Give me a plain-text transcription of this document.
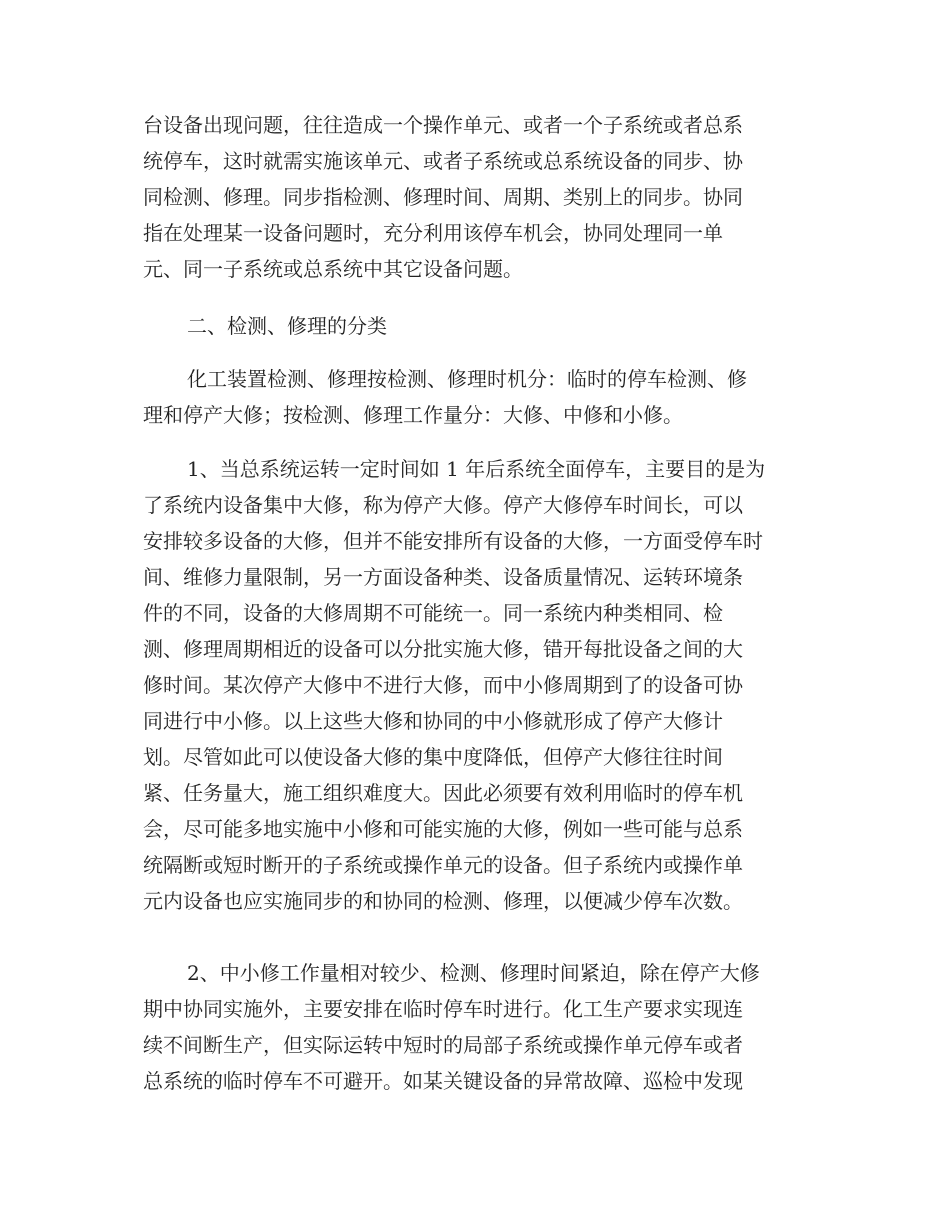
台设备出现问题，往往造成一个操作单元、或者一个子系统或者总系
统停车，这时就需实施该单元、或者子系统或总系统设备的同步、协
同检测、修理。同步指检测、修理时间、周期、类别上的同步。协同
指在处理某一设备问题时，充分利用该停车机会，协同处理同一单
元、同一子系统或总系统中其它设备问题。
二、检测、修理的分类
化工装置检测、修理按检测、修理时机分：临时的停车检测、修
理和停产大修；按检测、修理工作量分：大修、中修和小修。
1、当总系统运转一定时间如 1 年后系统全面停车，主要目的是为
了系统内设备集中大修，称为停产大修。停产大修停车时间长，可以
安排较多设备的大修，但并不能安排所有设备的大修，一方面受停车时
间、维修力量限制，另一方面设备种类、设备质量情况、运转环境条
件的不同，设备的大修周期不可能统一。同一系统内种类相同、检
测、修理周期相近的设备可以分批实施大修，错开每批设备之间的大
修时间。某次停产大修中不进行大修，而中小修周期到了的设备可协
同进行中小修。以上这些大修和协同的中小修就形成了停产大修计
划。尽管如此可以使设备大修的集中度降低，但停产大修往往时间
紧、任务量大，施工组织难度大。因此必须要有效利用临时的停车机
会，尽可能多地实施中小修和可能实施的大修，例如一些可能与总系
统隔断或短时断开的子系统或操作单元的设备。但子系统内或操作单
元内设备也应实施同步的和协同的检测、修理，以便减少停车次数。
2、中小修工作量相对较少、检测、修理时间紧迫，除在停产大修
期中协同实施外，主要安排在临时停车时进行。化工生产要求实现连
续不间断生产，但实际运转中短时的局部子系统或操作单元停车或者
总系统的临时停车不可避开。如某关键设备的异常故障、巡检中发现
